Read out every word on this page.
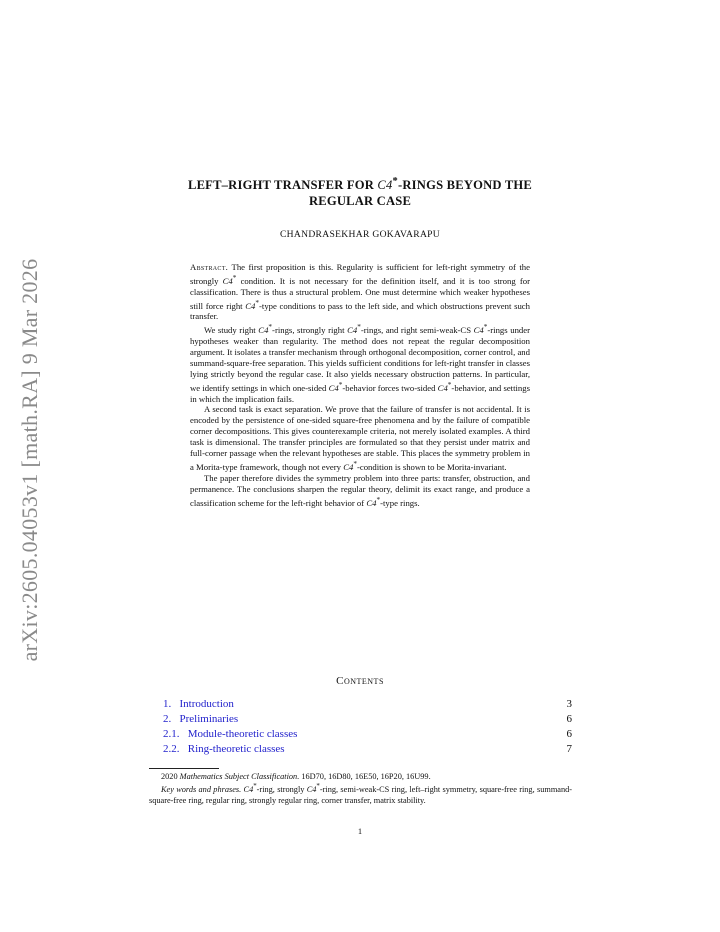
arXiv:2605.04053v1 [math.RA] 9 Mar 2026
LEFT–RIGHT TRANSFER FOR C4*-RINGS BEYOND THE
REGULAR CASE
CHANDRASEKHAR GOKAVARAPU

Abstract. The first proposition is this. Regularity is sufficient for left-right symmetry of the strongly C4* condition. It is not necessary for the definition itself, and it is too strong for classification. There is thus a structural problem. One must determine which weaker hypotheses still force right C4*-type conditions to pass to the left side, and which obstructions prevent such transfer.

We study right C4*-rings, strongly right C4*-rings, and right semi-weak-CS C4*-rings under hypotheses weaker than regularity. The method does not repeat the regular decomposition argument. It isolates a transfer mechanism through orthogonal decomposition, corner control, and summand-square-free separation. This yields sufficient conditions for left-right transfer in classes lying strictly beyond the regular case. It also yields necessary obstruction patterns. In particular, we identify settings in which one-sided C4*-behavior forces two-sided C4*-behavior, and settings in which the implication fails.

A second task is exact separation. We prove that the failure of transfer is not accidental. It is encoded by the persistence of one-sided square-free phenomena and by the failure of compatible corner decompositions. This gives counterexample criteria, not merely isolated examples. A third task is dimensional. The transfer principles are formulated so that they persist under matrix and full-corner passage when the relevant hypotheses are stable. This places the symmetry problem in a Morita-type framework, though not every C4*-condition is shown to be Morita-invariant.

The paper therefore divides the symmetry problem into three parts: transfer, obstruction, and permanence. The conclusions sharpen the regular theory, delimit its exact range, and produce a classification scheme for the left-right behavior of C4*-type rings.

Contents
1. Introduction	3
2. Preliminaries	6
2.1. Module-theoretic classes	6
2.2. Ring-theoretic classes	7

2020 Mathematics Subject Classification. 16D70, 16D80, 16E50, 16P20, 16U99.

Key words and phrases. C4*-ring, strongly C4*-ring, semi-weak-CS ring, left–right symmetry, square-free ring, summand-square-free ring, regular ring, strongly regular ring, corner transfer, matrix stability.

1
